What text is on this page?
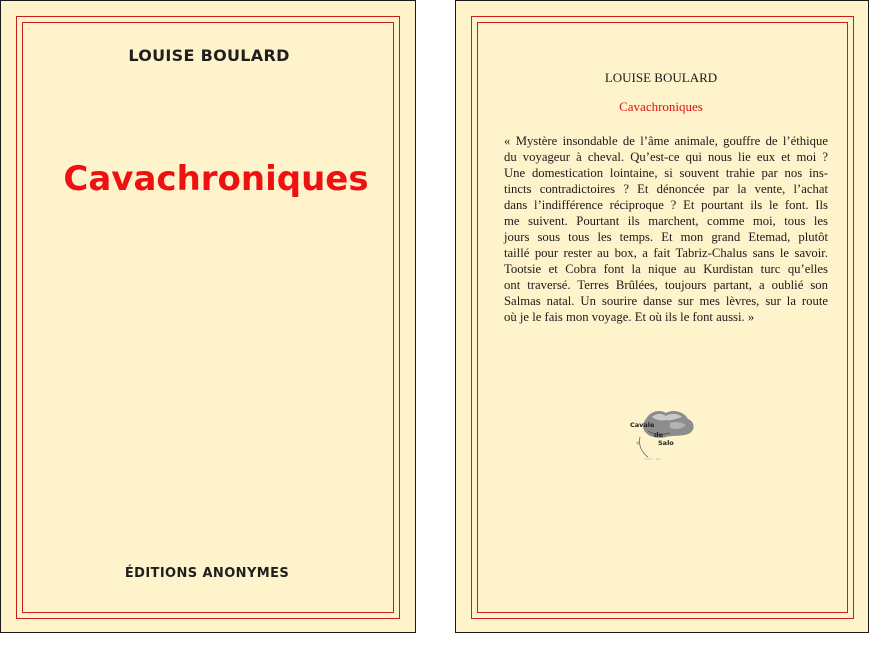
LOUISE BOULARD
Cavachroniques
ÉDITIONS ANONYMES
LOUISE BOULARD
Cavachroniques
« Mystère insondable de l’âme animale, gouffre de l’éthique
du voyageur à cheval. Qu’est-ce qui nous lie eux et moi ?
Une domestication lointaine, si souvent trahie par nos ins-
tincts contradictoires ? Et dénoncée par la vente, l’achat
dans l’indifférence réciproque ? Et pourtant ils le font. Ils
me suivent. Pourtant ils marchent, comme moi, tous les
jours sous tous les temps. Et mon grand Etemad, plutôt
taillé pour rester au box, a fait Tabriz-Chalus sans le savoir.
Tootsie et Cobra font la nique au Kurdistan turc qu’elles
ont traversé. Terres Brûlées, toujours partant, a oublié son
Salmas natal. Un sourire danse sur mes lèvres, sur la route
où je le fais mon voyage. Et où ils le font aussi. »
Cavale
de
Salo
